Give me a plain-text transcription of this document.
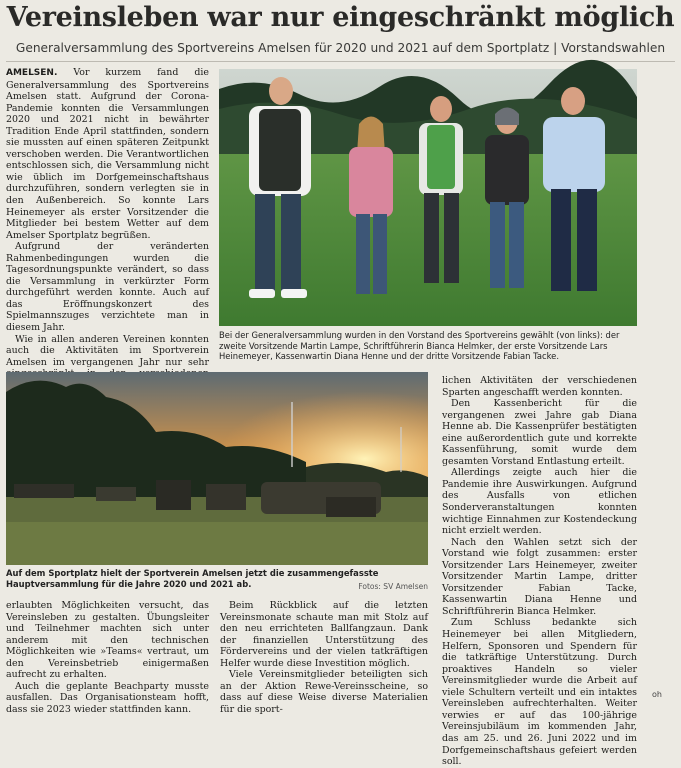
Vereinsleben war nur eingeschränkt möglich
Generalversammlung des Sportvereins Amelsen für 2020 und 2021 auf dem Sportplatz | Vorstandswahlen

AMELSEN. Vor kurzem fand die Generalversammlung des Sportvereins Amelsen statt. Aufgrund der Corona-Pandemie konnten die Versammlungen 2020 und 2021 nicht in bewährter Tradition Ende April stattfinden, sondern sie mussten auf einen späteren Zeitpunkt verschoben werden. Die Verantwortlichen entschlossen sich, die Versammlung nicht wie üblich im Dorfgemeinschaftshaus durchzuführen, sondern verlegten sie in den Außenbereich. So konnte Lars Heinemeyer als erster Vorsitzender die Mitglieder bei bestem Wetter auf dem Amelser Sportplatz begrüßen.

Aufgrund der veränderten Rahmenbedingungen wurden die Tagesordnungspunkte verändert, so dass die Versammlung in verkürzter Form durchgeführt werden konnte. Auch auf das Eröffnungskonzert des Spielmannszuges verzichtete man in diesem Jahr.

Wie in allen anderen Vereinen konnten auch die Aktivitäten im Sportverein Amelsen im vergangenen Jahr nur sehr

Bei der Generalversammlung wurden in den Vorstand des Sportvereins gewählt (von links): der zweite Vorsitzende Martin Lampe, Schriftführerin Bianca Helmker, der erste Vorsitzende Lars Heinemeyer, Kassenwartin Diana Henne und der dritte Vorsitzende Fabian Tacke.
Auf dem Sportplatz hielt der Sportverein Amelsen jetzt die zusammengefasste Hauptversammlung für die Jahre 2020 und 2021 ab.	Fotos: SV Amelsen

erlaubten Möglichkeiten versucht, das Vereinsleben zu gestalten. Übungsleiter und Teilnehmer machten sich unter anderem mit den technischen Möglichkeiten wie »Teams« vertraut, um den Vereinsbetrieb einigermaßen aufrecht zu erhalten.

Auch die geplante Beachparty musste ausfallen. Das Organisationsteam hofft, dass sie 2023 wieder stattfinden kann.

Beim Rückblick auf die letzten Vereinsmonate schaute man mit Stolz auf den neu errichteten Ballfangzaun. Dank der finanziellen Unterstützung des Fördervereins und der vielen tatkräftigen Helfer wurde diese Investition möglich.

Viele Vereinsmitglieder beteiligten sich an der Aktion Rewe-Vereinsscheine, so dass auf diese Weise diverse Materialien für die sport-

lichen Aktivitäten der verschiedenen Sparten angeschafft werden konnten.

Den Kassenbericht für die vergangenen zwei Jahre gab Diana Henne ab. Die Kassenprüfer bestätigten eine außerordentlich gute und korrekte Kassenführung, somit wurde dem gesamten Vorstand Entlastung erteilt.

Allerdings zeigte auch hier die Pandemie ihre Auswirkungen. Aufgrund des Ausfalls von etlichen Sonderveranstaltungen konnten wichtige Einnahmen zur Kostendeckung nicht erzielt werden.

Nach den Wahlen setzt sich der Vorstand wie folgt zusammen: erster Vorsitzender Lars Heinemeyer, zweiter Vorsitzender Martin Lampe, dritter Vorsitzender Fabian Tacke, Kassenwartin Diana Henne und Schriftführerin Bianca Helmker.

Zum Schluss bedankte sich Heinemeyer bei allen Mitgliedern, Helfern, Sponsoren und Spendern für die tatkräftige Unterstützung. Durch proaktives Handeln so vieler Vereinsmitglieder wurde die Arbeit auf viele Schultern verteilt und ein intaktes Vereinsleben aufrechterhalten. Weiter verwies er auf das 100-jährige Vereinsjubiläum im kommenden Jahr, das am 25. und 26. Juni 2022 und im Dorfgemeinschaftshaus gefeiert werden soll.

oh
